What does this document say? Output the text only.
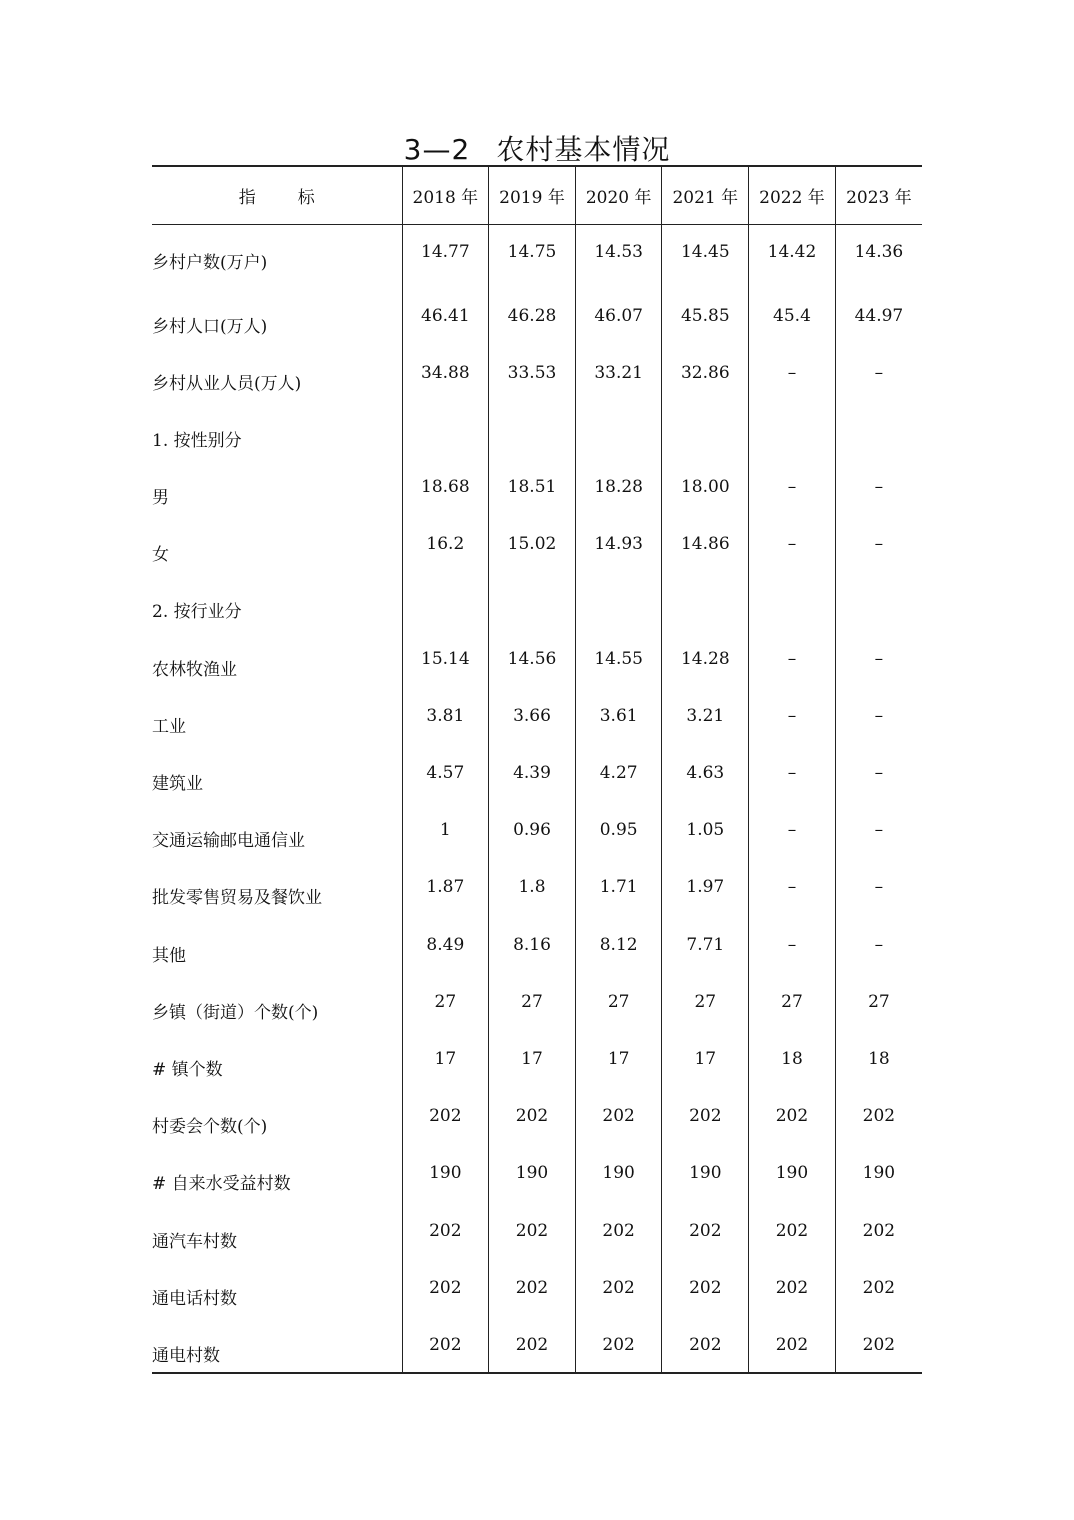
3—2 农村基本情况
指标	2018 年	2019 年	2020 年	2021 年	2022 年	2023 年
乡村户数(万户)	14.77	14.75	14.53	14.45	14.42	14.36
乡村人口(万人)	46.41	46.28	46.07	45.85	45.4	44.97
乡村从业人员(万人)	34.88	33.53	33.21	32.86	–	–
1. 按性别分						
男	18.68	18.51	18.28	18.00	–	–
女	16.2	15.02	14.93	14.86	–	–
2. 按行业分						
农林牧渔业	15.14	14.56	14.55	14.28	–	–
工业	3.81	3.66	3.61	3.21	–	–
建筑业	4.57	4.39	4.27	4.63	–	–
交通运输邮电通信业	1	0.96	0.95	1.05	–	–
批发零售贸易及餐饮业	1.87	1.8	1.71	1.97	–	–
其他	8.49	8.16	8.12	7.71	–	–
乡镇（街道）个数(个)	27	27	27	27	27	27
# 镇个数	17	17	17	17	18	18
村委会个数(个)	202	202	202	202	202	202
# 自来水受益村数	190	190	190	190	190	190
通汽车村数	202	202	202	202	202	202
通电话村数	202	202	202	202	202	202
通电村数	202	202	202	202	202	202
